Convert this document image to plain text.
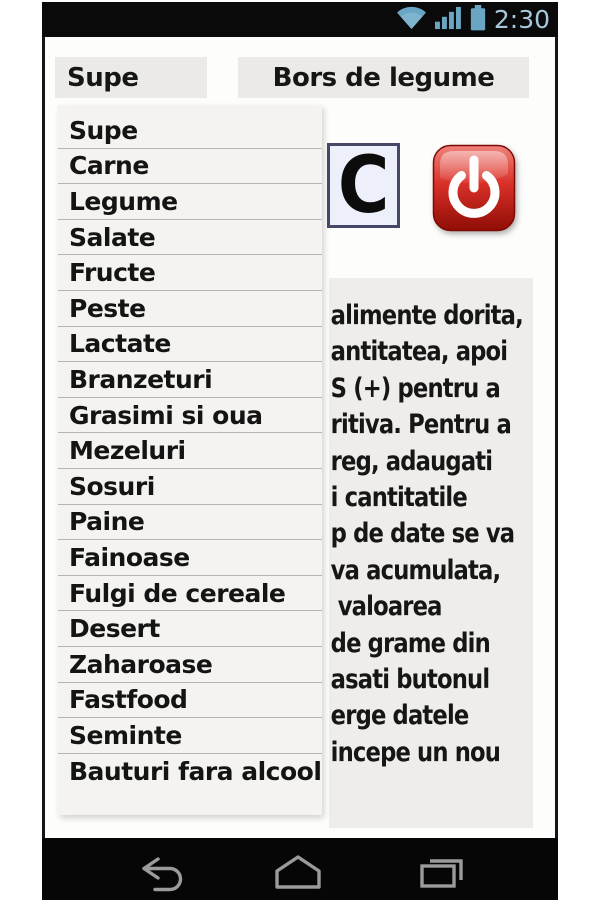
2:30
Supe	Bors de legume
alimente dorita,
antitatea, apoi
S (+) pentru a
ritiva. Pentru a
reg, adaugati
i cantitatile
p de date se va
va acumulata,
valoarea
de grame din
asati butonul
erge datele
incepe un nou
C
Supe
Carne
Legume
Salate
Fructe
Peste
Lactate
Branzeturi
Grasimi si oua
Mezeluri
Sosuri
Paine
Fainoase
Fulgi de cereale
Desert
Zaharoase
Fastfood
Seminte
Bauturi fara alcool
